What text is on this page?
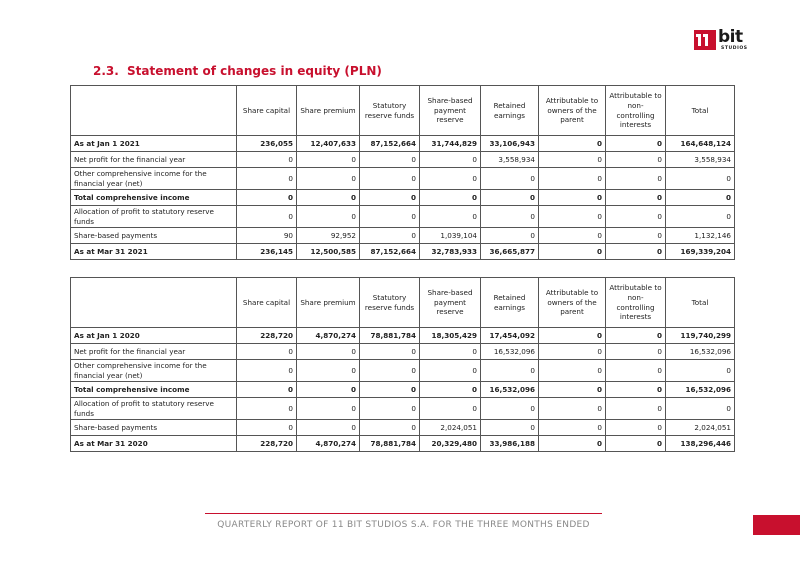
bit
STUDIOS
2.3. Statement of changes in equity (PLN)
	Share capital	Share premium	Statutory reserve funds	Share-based payment reserve	Retained earnings	Attributable to owners of the parent	Attributable to non-controlling interests	Total
As at Jan 1 2021	236,055	12,407,633	87,152,664	31,744,829	33,106,943	0	0	164,648,124
Net profit for the financial year	0	0	0	0	3,558,934	0	0	3,558,934
Other comprehensive income for the financial year (net)	0	0	0	0	0	0	0	0
Total comprehensive income	0	0	0	0	0	0	0	0
Allocation of profit to statutory reserve funds	0	0	0	0	0	0	0	0
Share-based payments	90	92,952	0	1,039,104	0	0	0	1,132,146
As at Mar 31 2021	236,145	12,500,585	87,152,664	32,783,933	36,665,877	0	0	169,339,204
	Share capital	Share premium	Statutory reserve funds	Share-based payment reserve	Retained earnings	Attributable to owners of the parent	Attributable to non-controlling interests	Total
As at Jan 1 2020	228,720	4,870,274	78,881,784	18,305,429	17,454,092	0	0	119,740,299
Net profit for the financial year	0	0	0	0	16,532,096	0	0	16,532,096
Other comprehensive income for the financial year (net)	0	0	0	0	0	0	0	0
Total comprehensive income	0	0	0	0	16,532,096	0	0	16,532,096
Allocation of profit to statutory reserve funds	0	0	0	0	0	0	0	0
Share-based payments	0	0	0	2,024,051	0	0	0	2,024,051
As at Mar 31 2020	228,720	4,870,274	78,881,784	20,329,480	33,986,188	0	0	138,296,446
QUARTERLY REPORT OF 11 BIT STUDIOS S.A. FOR THE THREE MONTHS ENDED
